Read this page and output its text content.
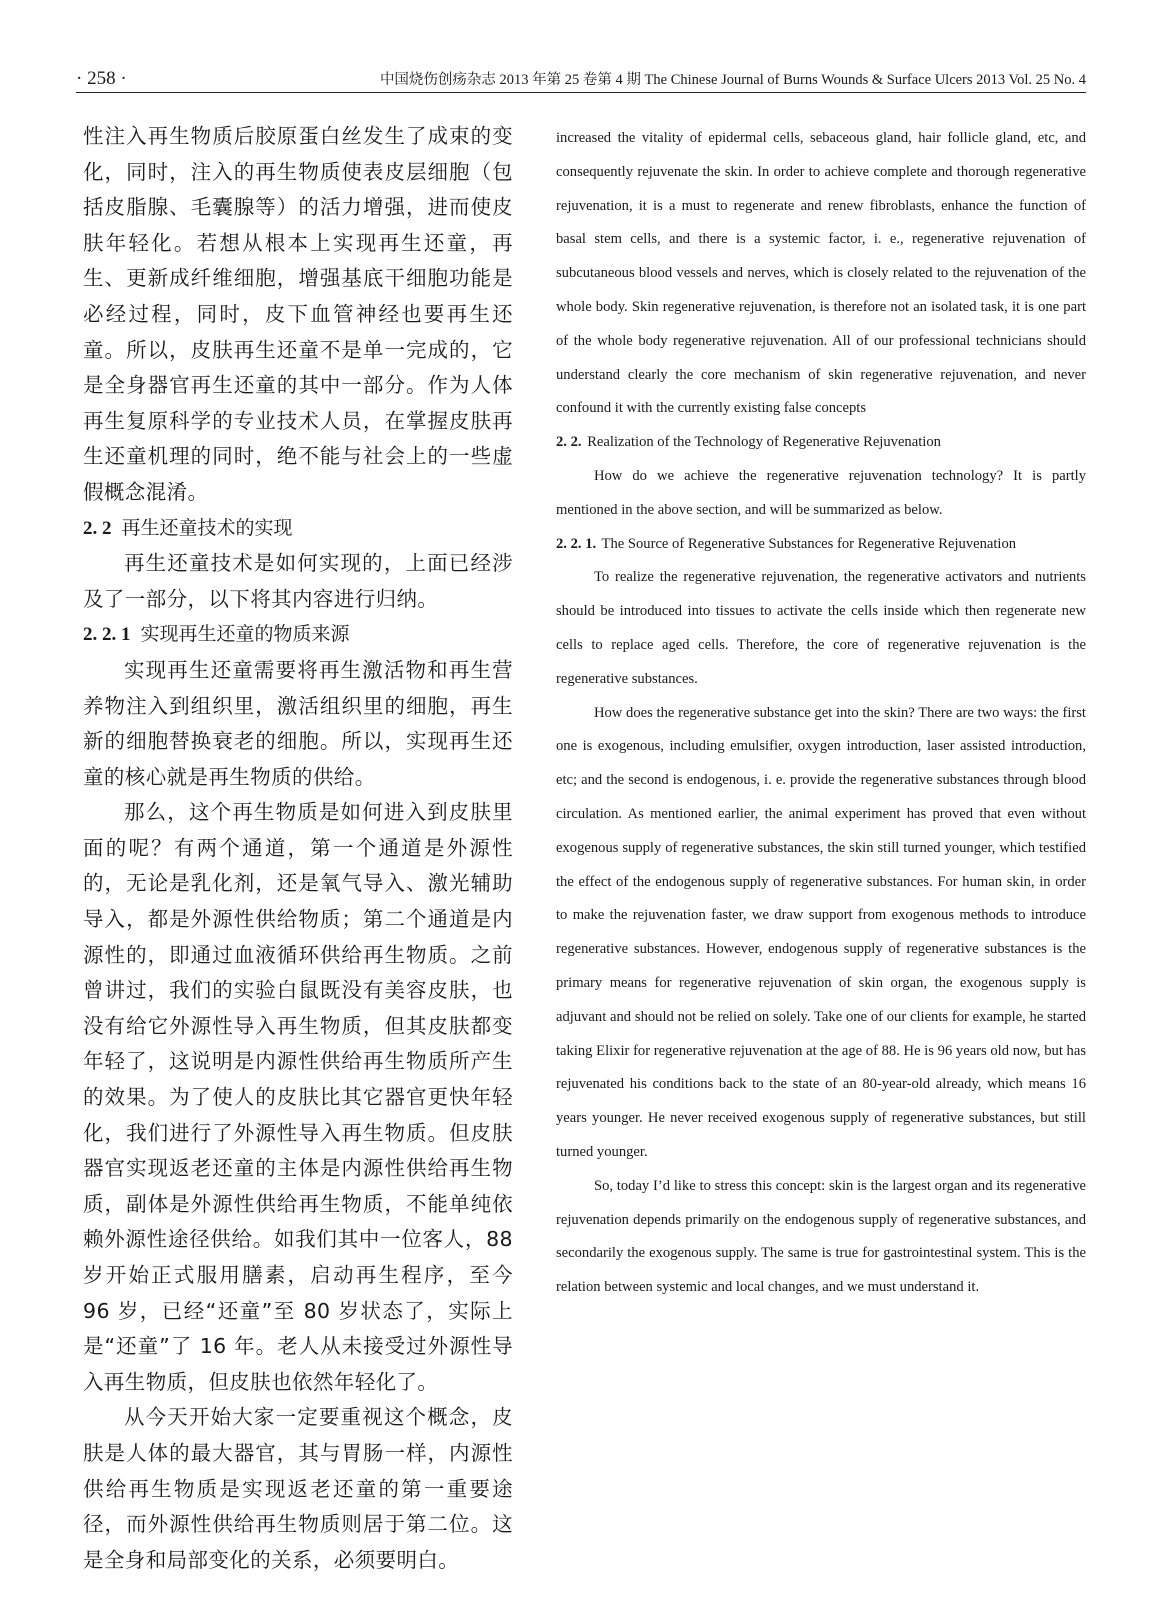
· 258 ·	中国烧伤创疡杂志 2013 年第 25 卷第 4 期 The Chinese Journal of Burns Wounds & Surface Ulcers 2013 Vol. 25 No. 4

性注入再生物质后胶原蛋白丝发生了成束的变化，同时，注入的再生物质使表皮层细胞（包括皮脂腺、毛囊腺等）的活力增强，进而使皮肤年轻化。若想从根本上实现再生还童，再生、更新成纤维细胞，增强基底干细胞功能是必经过程，同时，皮下血管神经也要再生还童。所以，皮肤再生还童不是单一完成的，它是全身器官再生还童的其中一部分。作为人体再生复原科学的专业技术人员，在掌握皮肤再生还童机理的同时，绝不能与社会上的一些虚假概念混淆。

2. 2 再生还童技术的实现

再生还童技术是如何实现的，上面已经涉及了一部分，以下将其内容进行归纳。

2. 2. 1 实现再生还童的物质来源

实现再生还童需要将再生激活物和再生营养物注入到组织里，激活组织里的细胞，再生新的细胞替换衰老的细胞。所以，实现再生还童的核心就是再生物质的供给。

那么，这个再生物质是如何进入到皮肤里面的呢？有两个通道，第一个通道是外源性的，无论是乳化剂，还是氧气导入、激光辅助导入，都是外源性供给物质；第二个通道是内源性的，即通过血液循环供给再生物质。之前曾讲过，我们的实验白鼠既没有美容皮肤，也没有给它外源性导入再生物质，但其皮肤都变年轻了，这说明是内源性供给再生物质所产生的效果。为了使人的皮肤比其它器官更快年轻化，我们进行了外源性导入再生物质。但皮肤器官实现返老还童的主体是内源性供给再生物质，副体是外源性供给再生物质，不能单纯依赖外源性途径供给。如我们其中一位客人，88 岁开始正式服用膳素，启动再生程序，至今 96 岁，已经“还童”至 80 岁状态了，实际上是“还童”了 16 年。老人从未接受过外源性导入再生物质，但皮肤也依然年轻化了。

从今天开始大家一定要重视这个概念，皮肤是人体的最大器官，其与胃肠一样，内源性供给再生物质是实现返老还童的第一重要途径，而外源性供给再生物质则居于第二位。这是全身和局部变化的关系，必须要明白。

increased the vitality of epidermal cells, sebaceous gland, hair follicle gland, etc, and consequently rejuvenate the skin. In order to achieve complete and thorough regenerative rejuvenation, it is a must to regenerate and renew fibroblasts, enhance the function of basal stem cells, and there is a systemic factor, i. e., regenerative rejuvenation of subcutaneous blood vessels and nerves, which is closely related to the rejuvenation of the whole body. Skin regenerative rejuvenation, is therefore not an isolated task, it is one part of the whole body regenerative rejuvenation. All of our professional technicians should understand clearly the core mechanism of skin regenerative rejuvenation, and never confound it with the currently existing false concepts

2. 2. Realization of the Technology of Regenerative Rejuvenation

How do we achieve the regenerative rejuvenation technology? It is partly mentioned in the above section, and will be summarized as below.

2. 2. 1. The Source of Regenerative Substances for Regenerative Rejuvenation

To realize the regenerative rejuvenation, the regenerative activators and nutrients should be introduced into tissues to activate the cells inside which then regenerate new cells to replace aged cells. Therefore, the core of regenerative rejuvenation is the regenerative substances.

How does the regenerative substance get into the skin? There are two ways: the first one is exogenous, including emulsifier, oxygen introduction, laser assisted introduction, etc; and the second is endogenous, i. e. provide the regenerative substances through blood circulation. As mentioned earlier, the animal experiment has proved that even without exogenous supply of regenerative substances, the skin still turned younger, which testified the effect of the endogenous supply of regenerative substances. For human skin, in order to make the rejuvenation faster, we draw support from exogenous methods to introduce regenerative substances. However, endogenous supply of regenerative substances is the primary means for regenerative rejuvenation of skin organ, the exogenous supply is adjuvant and should not be relied on solely. Take one of our clients for example, he started taking Elixir for regenerative rejuvenation at the age of 88. He is 96 years old now, but has rejuvenated his conditions back to the state of an 80-year-old already, which means 16 years younger. He never received exogenous supply of regenerative substances, but still turned younger.

So, today I’d like to stress this concept: skin is the largest organ and its regenerative rejuvenation depends primarily on the endogenous supply of regenerative substances, and secondarily the exogenous supply. The same is true for gastrointestinal system. This is the relation between systemic and local changes, and we must understand it.
